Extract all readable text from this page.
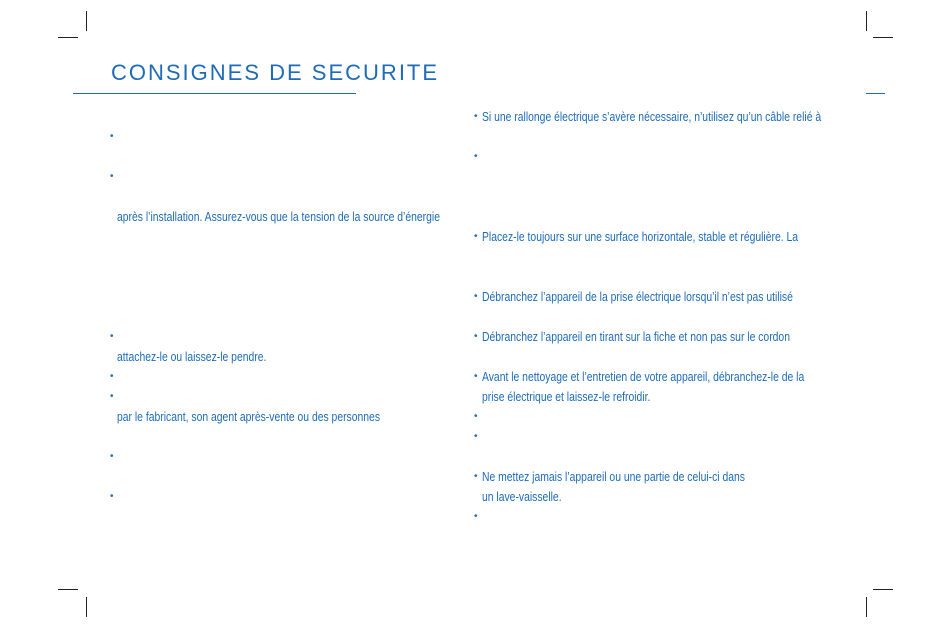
CONSIGNES DE SECURITE
•
•
après l’installation. Assurez-vous que la tension de la source d’énergie
•
attachez-le ou laissez-le pendre.
•
•
par le fabricant, son agent après-vente ou des personnes
•
•
• Si une rallonge électrique s’avère nécessaire, n’utilisez qu’un câble relié à
•
• Placez-le toujours sur une surface horizontale, stable et régulière. La
• Débranchez l’appareil de la prise électrique lorsqu’il n’est pas utilisé
• Débranchez l’appareil en tirant sur la fiche et non pas sur le cordon
• Avant le nettoyage et l’entretien de votre appareil, débranchez-le de la
prise électrique et laissez-le refroidir.
•
•
• Ne mettez jamais l’appareil ou une partie de celui-ci dans
un lave-vaisselle.
•
